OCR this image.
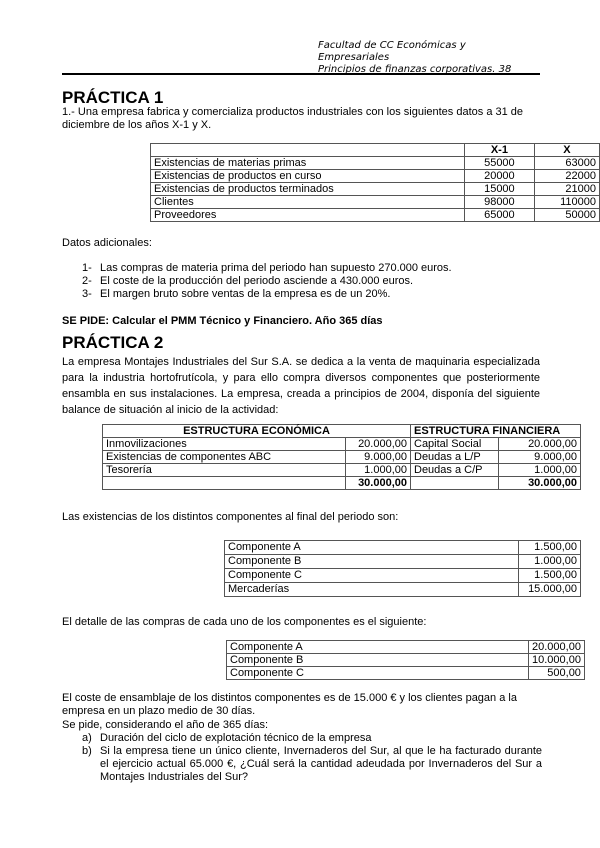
Facultad de CC Económicas y
Empresariales
Principios de finanzas corporativas. 38
PRÁCTICA 1

1.- Una empresa fabrica y comercializa productos industriales con los siguientes datos a 31 de diciembre de los años X-1 y X.

	X-1	X
Existencias de materias primas	55000	63000
Existencias de productos en curso	20000	22000
Existencias de productos terminados	15000	21000
Clientes	98000	110000
Proveedores	65000	50000

Datos adicionales:

1- Las compras de materia prima del periodo han supuesto 270.000 euros.
2- El coste de la producción del periodo asciende a 430.000 euros.
3- El margen bruto sobre ventas de la empresa es de un 20%.

SE PIDE: Calcular el PMM Técnico y Financiero. Año 365 días

PRÁCTICA 2

La empresa Montajes Industriales del Sur S.A. se dedica a la venta de maquinaria especializada para la industria hortofrutícola, y para ello compra diversos componentes que posteriormente ensambla en sus instalaciones. La empresa, creada a principios de 2004, disponía del siguiente balance de situación al inicio de la actividad:

ESTRUCTURA ECONÓMICA		ESTRUCTURA FINANCIERA	
Inmovilizaciones	20.000,00	Capital Social	20.000,00
Existencias de componentes ABC	9.000,00	Deudas a L/P	9.000,00
Tesorería	1.000,00	Deudas a C/P	1.000,00
	30.000,00		30.000,00

Las existencias de los distintos componentes al final del periodo son:

Componente A	1.500,00
Componente B	1.000,00
Componente C	1.500,00
Mercaderías	15.000,00

El detalle de las compras de cada uno de los componentes es el siguiente:

Componente A	20.000,00
Componente B	10.000,00
Componente C	500,00

El coste de ensamblaje de los distintos componentes es de 15.000 € y los clientes pagan a la empresa en un plazo medio de 30 días.

Se pide, considerando el año de 365 días:

a) Duración del ciclo de explotación técnico de la empresa
b) Si la empresa tiene un único cliente, Invernaderos del Sur, al que le ha facturado durante el ejercicio actual 65.000 €, ¿Cuál será la cantidad adeudada por Invernaderos del Sur a Montajes Industriales del Sur?
